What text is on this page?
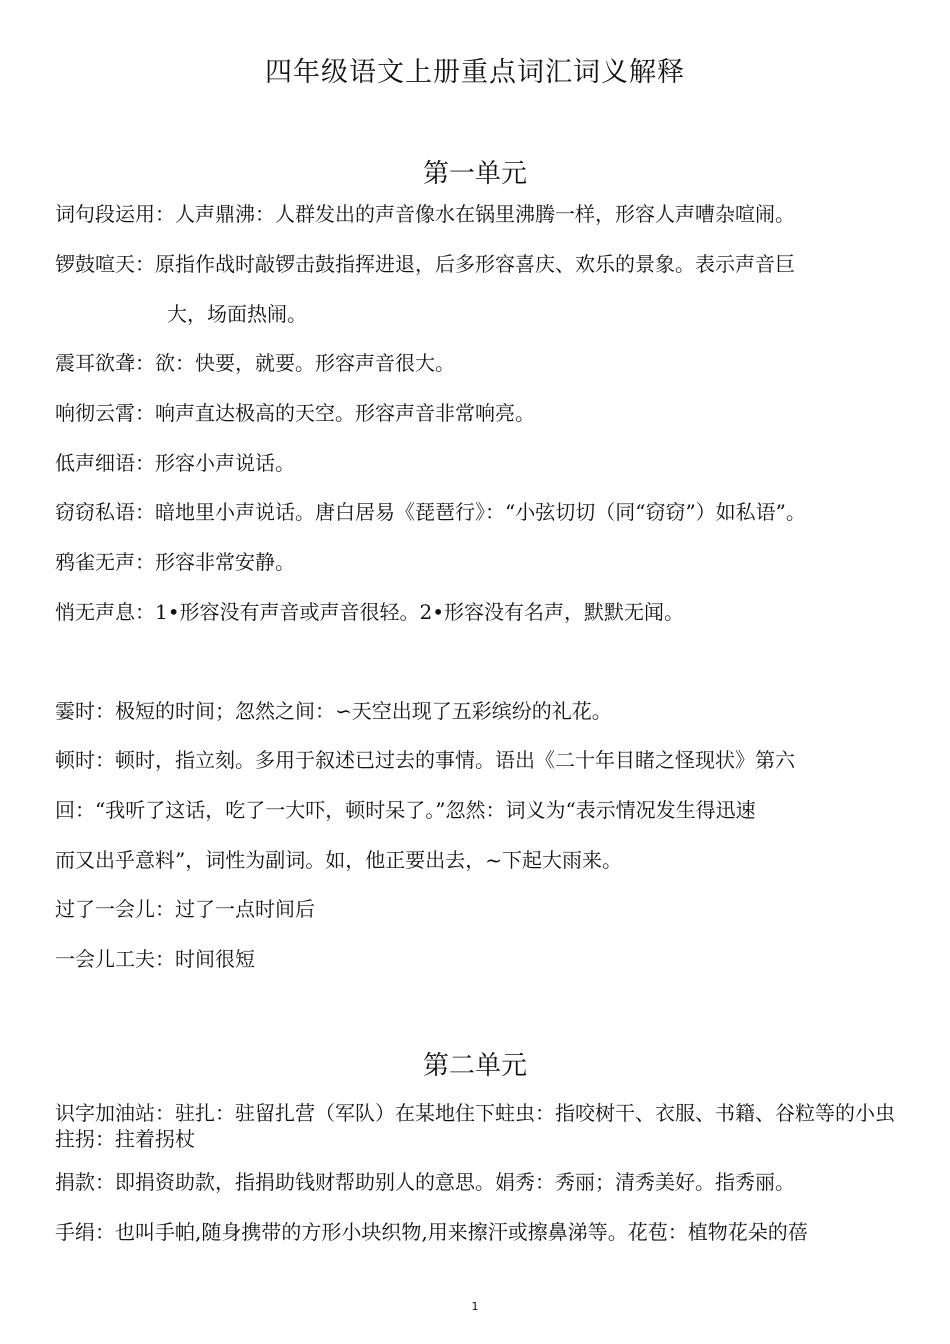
四年级语文上册重点词汇词义解释
第一单元
词句段运用：人声鼎沸：人群发出的声音像水在锅里沸腾一样，形容人声嘈杂喧闹。
锣鼓喧天：原指作战时敲锣击鼓指挥进退，后多形容喜庆、欢乐的景象。表示声音巨
大，场面热闹。
震耳欲聋：欲：快要，就要。形容声音很大。
响彻云霄：响声直达极高的天空。形容声音非常响亮。
低声细语：形容小声说话。
窃窃私语：暗地里小声说话。唐白居易《琵琶行》：“小弦切切（同“窃窃”）如私语”。
鸦雀无声：形容非常安静。
悄无声息：1•形容没有声音或声音很轻。2•形容没有名声，默默无闻。
霎时：极短的时间；忽然之间：∽天空出现了五彩缤纷的礼花。
顿时：顿时，指立刻。多用于叙述已过去的事情。语出《二十年目睹之怪现状》第六
回：“我听了这话，吃了一大吓，顿时呆了。”忽然：词义为“表示情况发生得迅速
而又出乎意料”，词性为副词。如，他正要出去，~下起大雨来。
过了一会儿：过了一点时间后
一会儿工夫：时间很短
第二单元
识字加油站：驻扎：驻留扎营（军队）在某地住下蛀虫：指咬树干、衣服、书籍、谷粒等的小虫拄拐：拄着拐杖
捐款：即捐资助款，指捐助钱财帮助别人的意思。娟秀：秀丽；清秀美好。指秀丽。
手绢：也叫手帕,随身携带的方形小块织物,用来擦汗或擦鼻涕等。花苞：植物花朵的蓓
1
